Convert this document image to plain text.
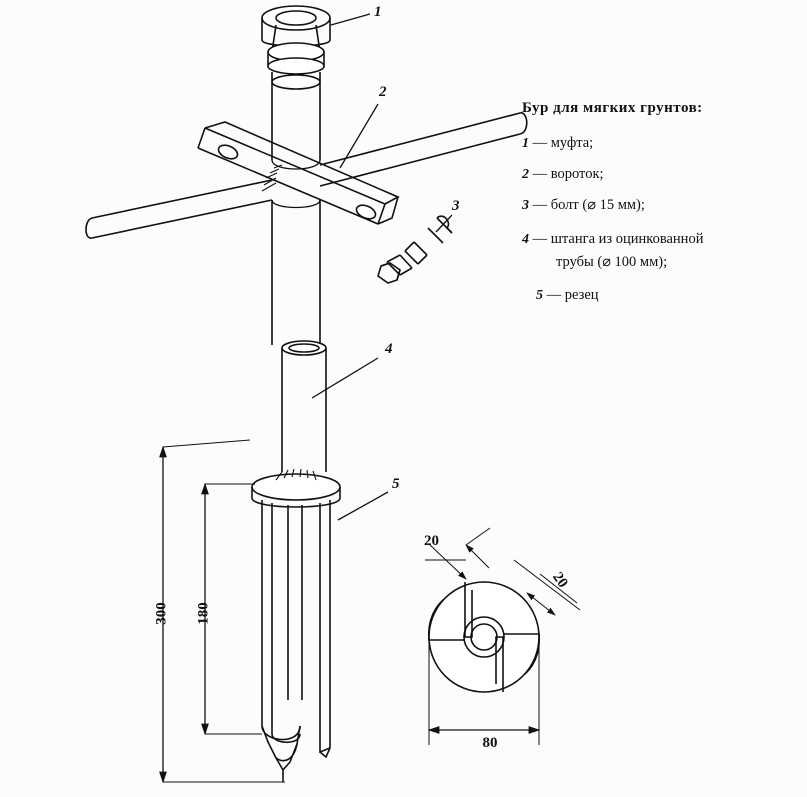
Бур для мягких грунтов:
1 — муфта;
2 — вороток;
3 — болт (⌀ 15 мм);
4 — штанга из оцинкованной
трубы (⌀ 100 мм);
5 — резец
1
2
3
4
5
300 180
80
20
20
